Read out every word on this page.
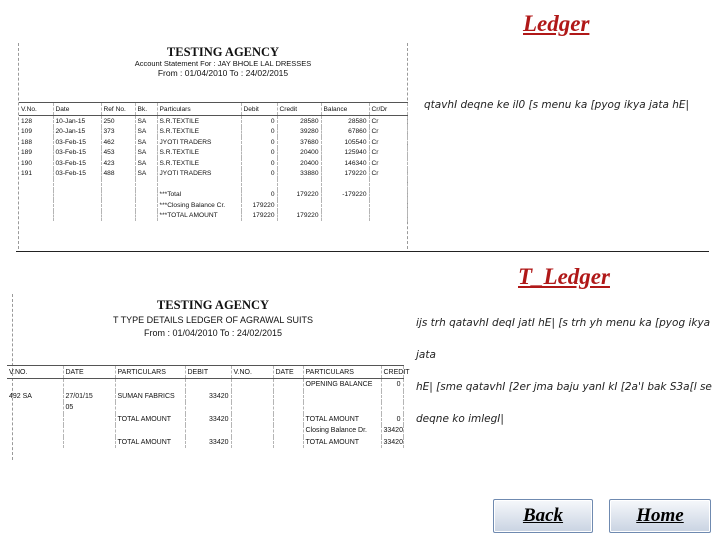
Ledger
TESTING AGENCY
Account Statement For : JAY BHOLE LAL DRESSES
From : 01/04/2010 To : 24/02/2015
V.No.	Date	Ref No.	Bk.	Particulars	Debit	Credit	Balance	Cr/Dr
128	10-Jan-15	250	SA	S.R.TEXTILE	0	28580	28580	Cr
109	20-Jan-15	373	SA	S.R.TEXTILE	0	39280	67860	Cr
188	03-Feb-15	462	SA	JYOTI TRADERS	0	37680	105540	Cr
189	03-Feb-15	453	SA	S.R.TEXTILE	0	20400	125940	Cr
190	03-Feb-15	423	SA	S.R.TEXTILE	0	20400	146340	Cr
191	03-Feb-15	488	SA	JYOTI TRADERS	0	33880	179220	Cr

				***Total	0	179220	-179220	
				***Closing Balance Cr.	179220			
				***TOTAL AMOUNT	179220	179220		
qtavhI deqne ke il0 [s menu ka [pyog ikya jata hE|
T_Ledger
TESTING AGENCY
T TYPE DETAILS LEDGER OF AGRAWAL SUITS
From : 01/04/2010 To : 24/02/2015
V.NO.	DATE	PARTICULARS	DEBIT	V.NO.	DATE	PARTICULARS	CREDIT
						OPENING BALANCE	0
492 SA	27/01/15	SUMAN FABRICS	33420				
	05						
		TOTAL AMOUNT	33420			TOTAL AMOUNT	0
						Closing Balance Dr.	33420
		TOTAL AMOUNT	33420			TOTAL AMOUNT	33420
ijs trh qatavhI deqI jatI hE| [s trh yh menu ka [pyog ikya jata
hE| [sme qatavhI [2er jma baju yanI kI [2a'I bak S3a[l se
deqne ko imlegI|
Back	Home
